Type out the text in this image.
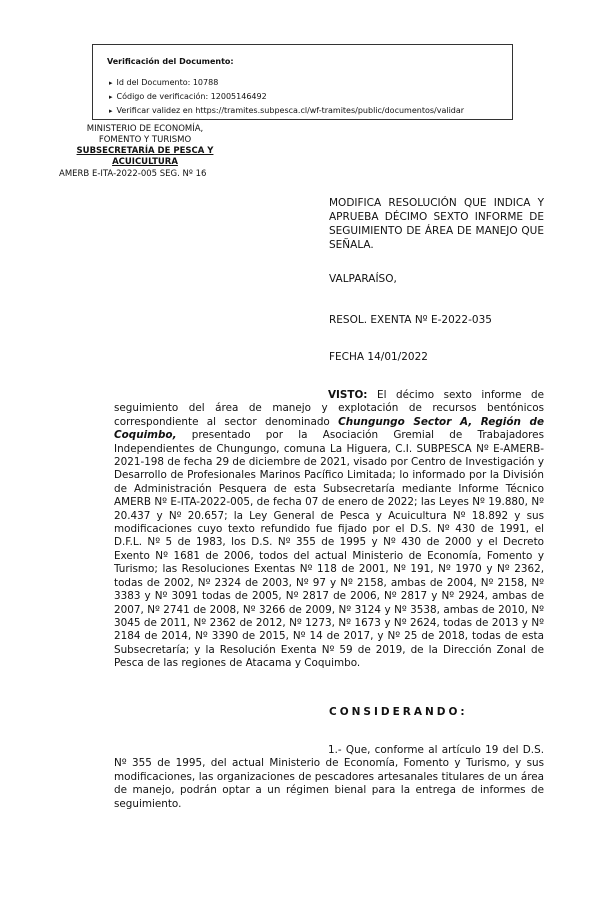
Verificación del Documento:
▸ Id del Documento: 10788
▸ Código de verificación: 12005146492
▸ Verificar validez en https://tramites.subpesca.cl/wf-tramites/public/documentos/validar
MINISTERIO DE ECONOMÍA,
FOMENTO Y TURISMO
SUBSECRETARÍA DE PESCA Y
ACUICULTURA
AMERB E-ITA-2022-005 SEG. Nº 16
MODIFICA RESOLUCIÓN QUE INDICA Y APRUEBA DÉCIMO SEXTO INFORME DE SEGUIMIENTO DE ÁREA DE MANEJO QUE SEÑALA.
VALPARAÍSO,
RESOL. EXENTA Nº E-2022-035
FECHA 14/01/2022
VISTO: El décimo sexto informe de seguimiento del área de manejo y explotación de recursos bentónicos correspondiente al sector denominado Chungungo Sector A, Región de Coquimbo, presentado por la Asociación Gremial de Trabajadores Independientes de Chungungo, comuna La Higuera, C.I. SUBPESCA Nº E-AMERB-2021-198 de fecha 29 de diciembre de 2021, visado por Centro de Investigación y Desarrollo de Profesionales Marinos Pacífico Limitada; lo informado por la División de Administración Pesquera de esta Subsecretaría mediante Informe Técnico AMERB Nº E-ITA-2022-005, de fecha 07 de enero de 2022; las Leyes Nº 19.880, Nº 20.437 y Nº 20.657; la Ley General de Pesca y Acuicultura Nº 18.892 y sus modificaciones cuyo texto refundido fue fijado por el D.S. Nº 430 de 1991, el D.F.L. Nº 5 de 1983, los D.S. Nº 355 de 1995 y Nº 430 de 2000 y el Decreto Exento Nº 1681 de 2006, todos del actual Ministerio de Economía, Fomento y Turismo; las Resoluciones Exentas Nº 118 de 2001, Nº 191, Nº 1970 y Nº 2362, todas de 2002, Nº 2324 de 2003, Nº 97 y Nº 2158, ambas de 2004, Nº 2158, Nº 3383 y Nº 3091 todas de 2005, Nº 2817 de 2006, Nº 2817 y Nº 2924, ambas de 2007, Nº 2741 de 2008, Nº 3266 de 2009, Nº 3124 y Nº 3538, ambas de 2010, Nº 3045 de 2011, Nº 2362 de 2012, Nº 1273, Nº 1673 y Nº 2624, todas de 2013 y Nº 2184 de 2014, Nº 3390 de 2015, Nº 14 de 2017, y Nº 25 de 2018, todas de esta Subsecretaría; y la Resolución Exenta Nº 59 de 2019, de la Dirección Zonal de Pesca de las regiones de Atacama y Coquimbo.
CONSIDERANDO:
1.- Que, conforme al artículo 19 del D.S. Nº 355 de 1995, del actual Ministerio de Economía, Fomento y Turismo, y sus modificaciones, las organizaciones de pescadores artesanales titulares de un área de manejo, podrán optar a un régimen bienal para la entrega de informes de seguimiento.
